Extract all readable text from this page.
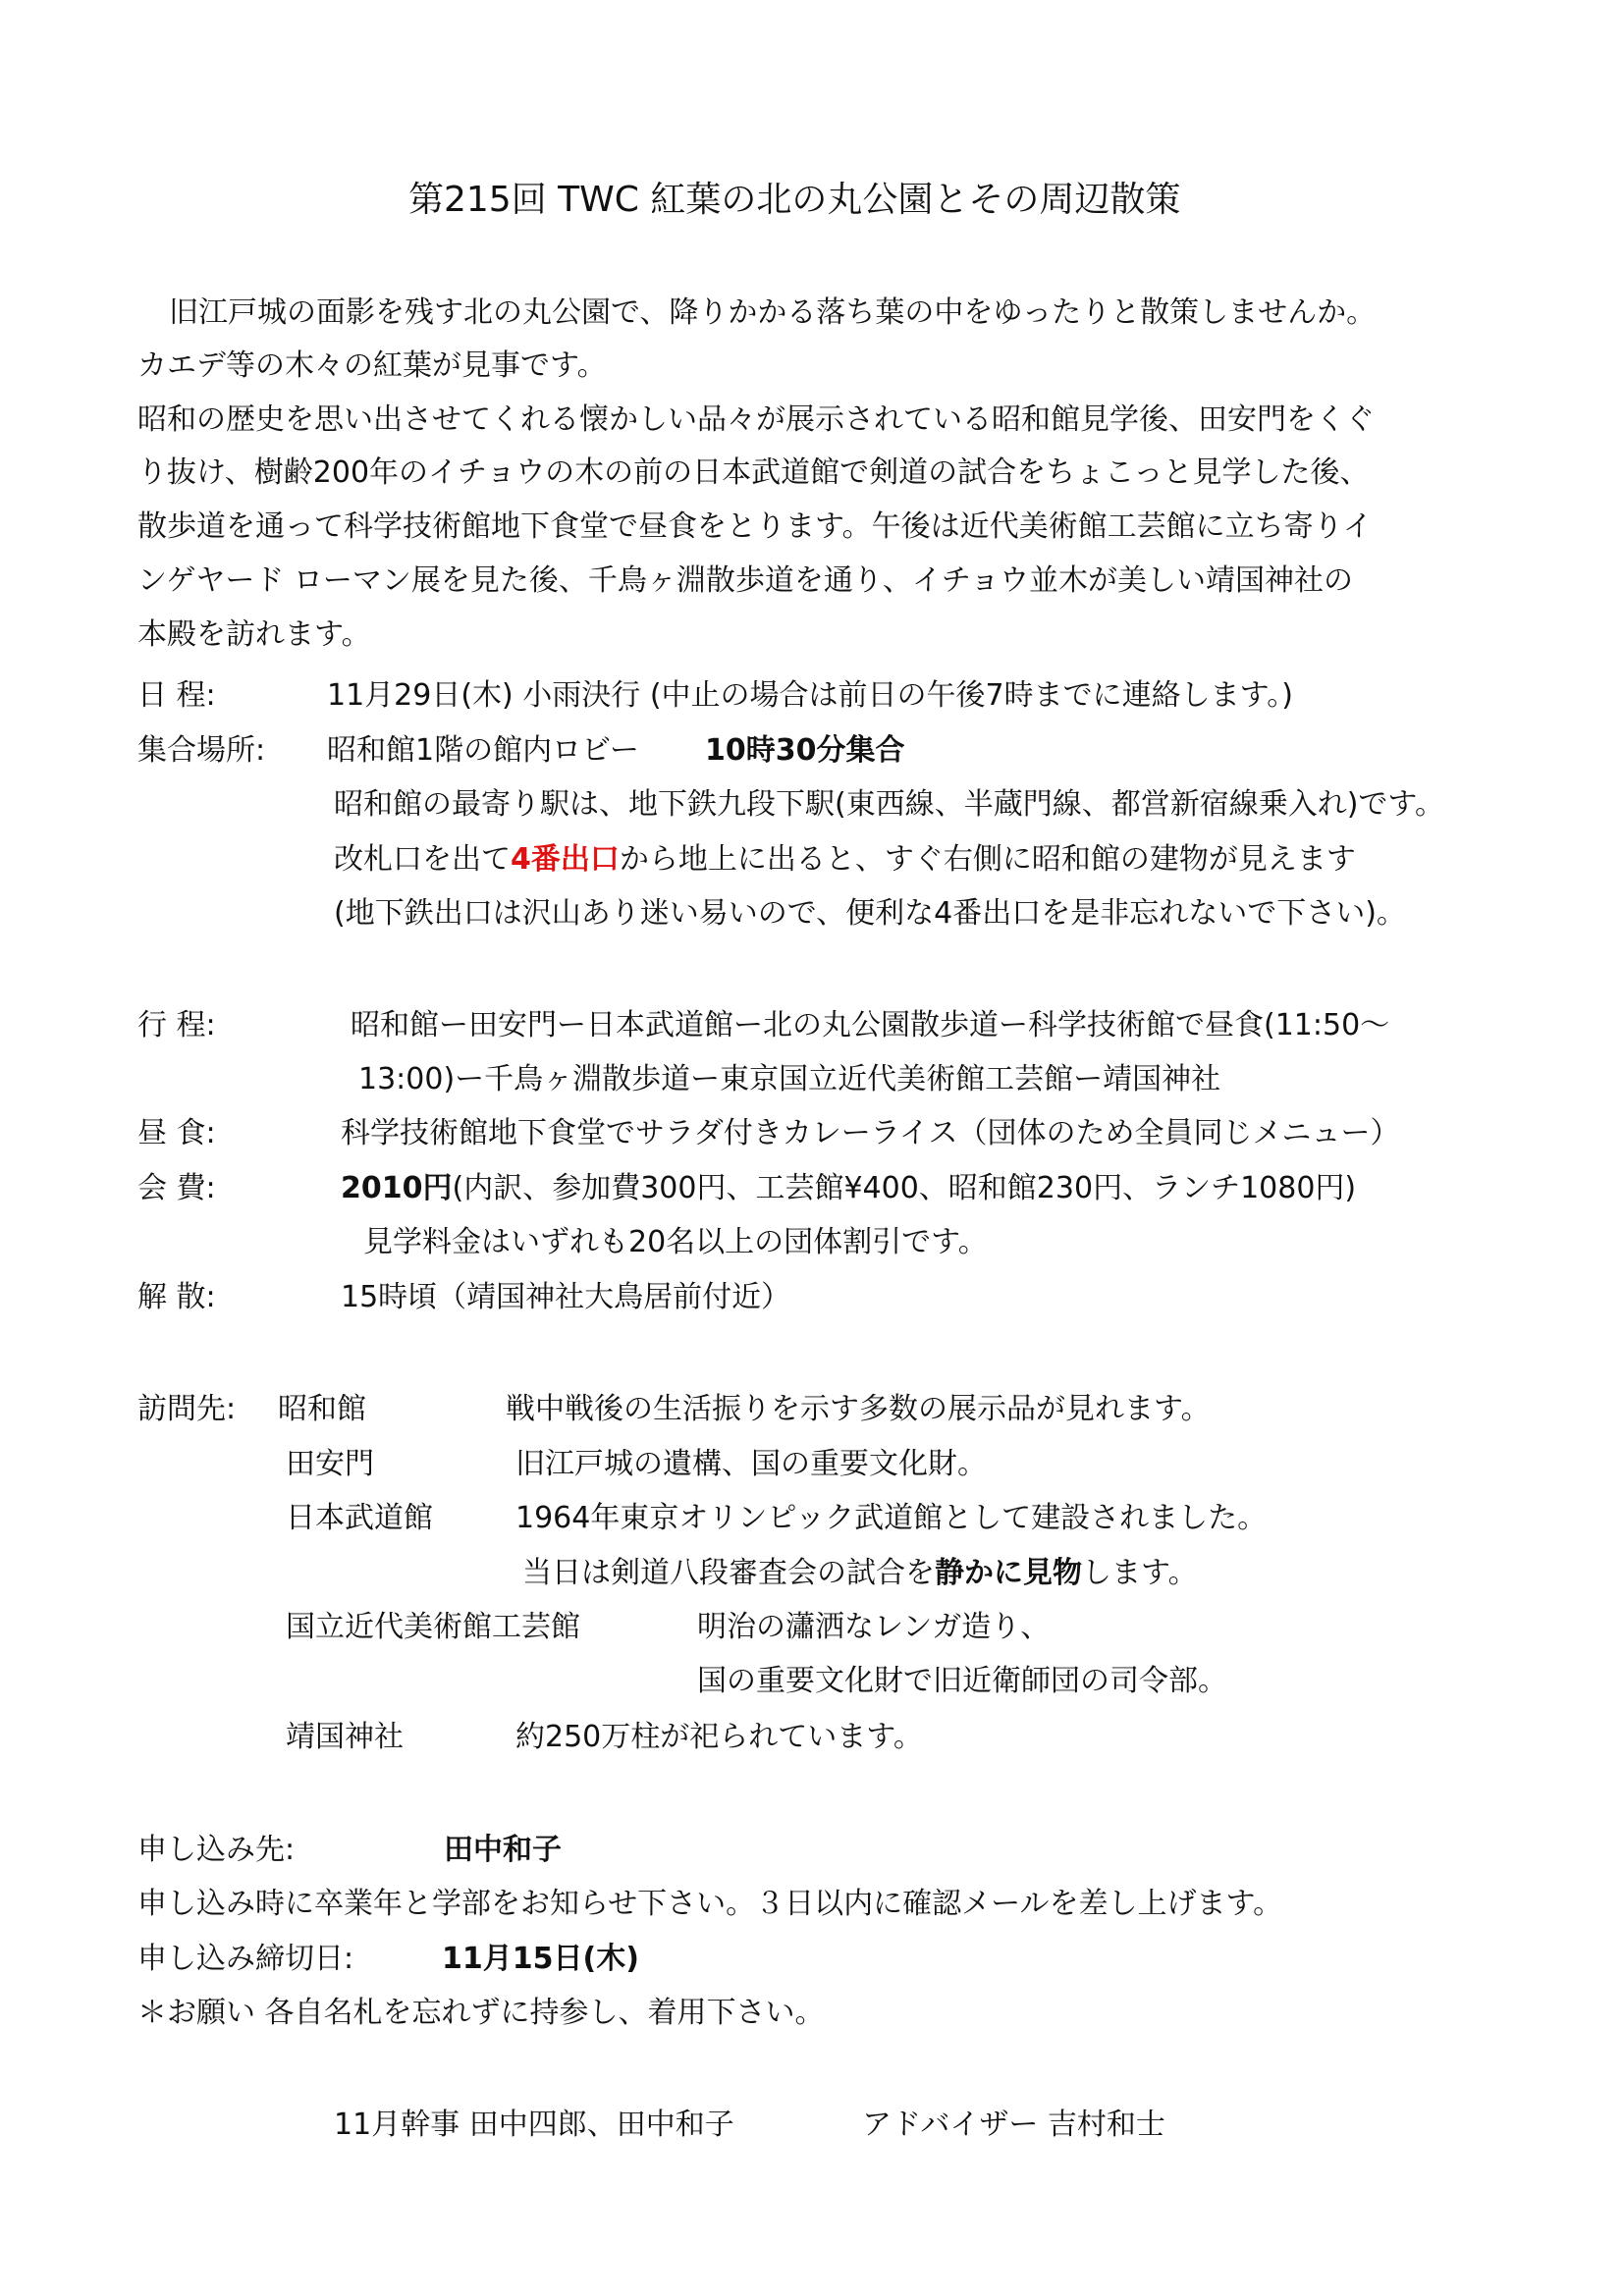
第215回 TWC 紅葉の北の丸公園とその周辺散策
旧江戸城の面影を残す北の丸公園で、降りかかる落ち葉の中をゆったりと散策しませんか。
カエデ等の木々の紅葉が見事です。
昭和の歴史を思い出させてくれる懐かしい品々が展示されている昭和館見学後、田安門をくぐ
り抜け、樹齢200年のイチョウの木の前の日本武道館で剣道の試合をちょこっと見学した後、
散歩道を通って科学技術館地下食堂で昼食をとります。午後は近代美術館工芸館に立ち寄りイ
ンゲヤード ローマン展を見た後、千鳥ヶ淵散歩道を通り、イチョウ並木が美しい靖国神社の
本殿を訪れます。
日 程:	11月29日(木) 小雨決行 (中止の場合は前日の午後7時までに連絡します。)
集合場所: 昭和館1階の館内ロビー 10時30分集合
昭和館の最寄り駅は、地下鉄九段下駅(東西線、半蔵門線、都営新宿線乗入れ)です。
改札口を出て4番出口から地上に出ると、すぐ右側に昭和館の建物が見えます
(地下鉄出口は沢山あり迷い易いので、便利な4番出口を是非忘れないで下さい)。
行 程:	昭和館ー田安門ー日本武道館ー北の丸公園散歩道ー科学技術館で昼食(11:50〜
13:00)ー千鳥ヶ淵散歩道ー東京国立近代美術館工芸館ー靖国神社
昼 食:	科学技術館地下食堂でサラダ付きカレーライス（団体のため全員同じメニュー）
会 費:	2010円(内訳、参加費300円、工芸館¥400、昭和館230円、ランチ1080円)
見学料金はいずれも20名以上の団体割引です。
解 散:	15時頃（靖国神社大鳥居前付近）
訪問先: 昭和館	戦中戦後の生活振りを示す多数の展示品が見れます。
田安門	旧江戸城の遺構、国の重要文化財。
日本武道館	1964年東京オリンピック武道館として建設されました。
当日は剣道八段審査会の試合を静かに見物します。
国立近代美術館工芸館	明治の瀟洒なレンガ造り、
国の重要文化財で旧近衛師団の司令部。
靖国神社	約250万柱が祀られています。
申し込み先:	田中和子
申し込み時に卒業年と学部をお知らせ下さい。３日以内に確認メールを差し上げます。
申し込み締切日:	11月15日(木)
＊お願い 各自名札を忘れずに持参し、着用下さい。
11月幹事 田中四郎、田中和子	アドバイザー 吉村和士
